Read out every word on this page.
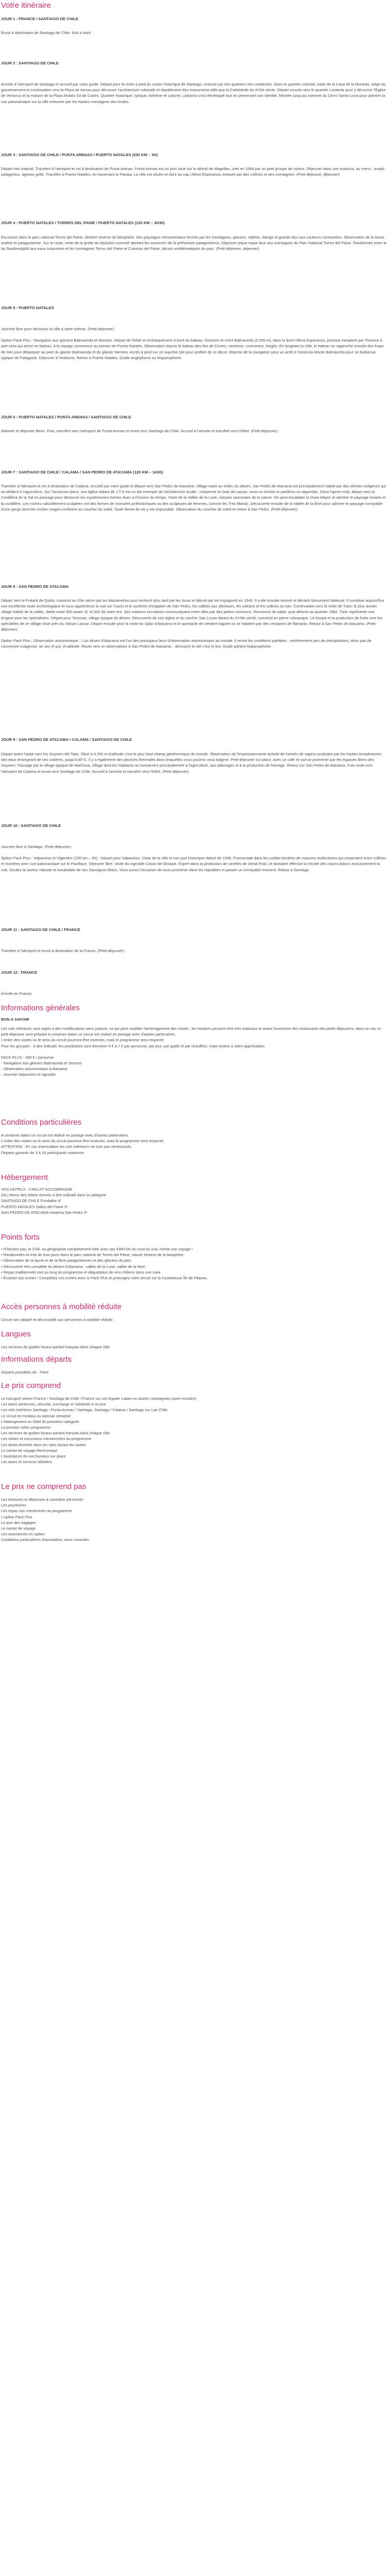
Votre itinéraire

JOUR 1 : FRANCE / SANTIAGO DE CHILE

Envol à destination de Santiago de Chile. Nuit à bord.

JOUR 2 : SANTIAGO DE CHILE

Arrivée à l'aéroport de Santiago et accueil par votre guide. Départ pour la visite à pied du centre historique de Santiago, entouré par des quartiers très modernes. Dans le quartier colonial, visite de la Casa de la Moneda, siège du gouvernement et continuation vers la Plaza de Armas pour découvrir l'architecture coloniale et républicaine des monuments telle que la Cathédrale du XVIIe siècle. Départ ensuite vers le quartier Lastarria pour y découvrir l'Église de Veracruz et la maison de la Plaza Mulato Gil de Castro. Quartier historique, typique, bohème et culturel, Lastarria s'est développé tout en préservant son identité. Montée jusqu'au sommet du Cerro Santa Lucia pour admirer la vue panoramique sur la ville entourée par les hautes montagnes des Andes.

JOUR 3 : SANTIAGO DE CHILE / PUNTA ARENAS / PUERTO NATALES (250 KM – 3H)

Départ très matinal. Transfert à l'aéroport et vol à destination de Punta Arenas. Punta Arenas est un port situé sur le détroit de Magellan, créé en 1848 par un petit groupe de colons. Déjeuner dans une estancia, au menu : asado patagonico, agneau grillé. Transfert à Puerto Natales, en traversant la Pampa. La ville est située en face au cap Ultimo Esperanza, entouré par des collines et des montagnes. (Petit-déjeuner, déjeuner).

JOUR 4 : PUERTO NATALES / TORRES DEL PAINE / PUERTO NATALES (120 KM – 3H30)

Excursion dans le parc national Torres del Paine, déclaré réserve de biosphère. Des paysages monumentaux formés par les montagnes, glaciers, vallées, étangs et grands lacs aux couleurs contrastées. Observation de la faune andine et patagonienne. Sur la route, visite de la grotte du Mylodón curiosité abritant les souvenirs de la préhistoire patagonienne. Déjeuner pique-nique face aux montagnes du Parc National Torres del Paine. Randonnée entre le lac Nordenskjöld aux eaux turquoises et les montagnes Torres del Paine et Cuernos del Paine, décors emblématiques du parc. (Petit-déjeuner, déjeuner).

JOUR 5 : PUERTO NATALES

Journée libre pour découvrir la ville à votre rythme. (Petit-déjeuner).

Option Pack Plus : Navigation aux glaciers Balmaceda et Serrano. Départ de l'hôtel et embarquement à bord du bateau. Direction le mont Balmaceda (2 035 m), dans le fjord Ultima Esperanza, presque inexploré par l'homme à part celui qui arrive en bateau, à la voyage commence au ponton de Puerto Natales. Observation depuis le bateau des îles de Cisnes, canetons, cormorans, longés. En longeant la côte, le bateau se rapproche ensuite des loups de mer pour débarquer au pied du glacier Balmaceda et du glacier Serrano. Accès à pied sur ce superbe site pour profiter de ce décor. Reprise de la navigation pour un arrêt à l'estancia Monte Balmaceda pour un barbecue typique de Patagonie. Déjeuner à l'estancia. Retour à Puerto Natales. Guide anglophone ou hispanophone.

JOUR 6 : PUERTO NATALES / PUNTA ARENAS / SANTIAGO DE CHILE

Matinée et déjeuner libres. Puis, transfert vers l'aéroport de Punta Arenas et envol vers Santiago de Chile. Accueil à l'arrivée et transfert vers l'hôtel. (Petit-déjeuner).

JOUR 7 : SANTIAGO DE CHILE / CALAMA / SAN PEDRO DE ATACAMA (120 KM – 1H30)

Transfert à l'aéroport et vol à destination de Calama. Accueil par votre guide et départ vers San Pedro de Atacama. Village oasis au milieu du désert, San Pedro de Atacama est principalement habité par des ethnies indigènes qui se dédient à l'agriculture. Sur l'ancienne place, son église datant de 1774 est un bel exemple de l'architecture locale : charpente en bois de cactus, murs en torchis et pavillons en algarrobo. Dans l'après-midi, départ vers la Cordillera de la Sal en passage pour découvrir les mystérieuses formes dues à l'érosion du temps. Visite de la Vallée de la Lune, classée sanctuaire de la nature. On peut escalader la Dune Mayor et admirer le paysage lunaire et la cordillère. Les roches naturellement sculptées ont des formes de monstres préhistoriques ou des sculptures de femmes, comme les Tres Marias. Découverte ensuite de la Vallée de la Mort pour admirer le paysage incroyable d'une gorge dont les roches rouges confluent au coucher du soleil. Toute forme de vie y est impossible. Observation du coucher de soleil et retour à San Pedro. (Petit-déjeuner).

JOUR 8 : SAN PEDRO DE ATACAMA

Départ vers le Pukará de Quitor, construit au XIIe siècle par les Atacameños puis renforcé plus tard par les Incas et détruit par les espagnols en 1540. Il a été ensuite rénové et déclaré Monument National. Il constitue aujourd'hui une excellente route archéologique et vous apprécierez la vue sur l'oasis et le système d'irrigation de San Pedro, les vallées aux alentours, les volcans et les collines au loin. Continuation vers la visite de Tulor, le plus ancien village habité de la vallée, datée entre 800 avant JC et 500 de notre ère. Ses maisons circulaires communiquent entre elles par des patios communs. Recouvert de sable, puis déterré au quartier 1982, Tulor représente une énigme pour les spécialistes. Départ pour Toconao, village typique du désert. Découverte de son église et du clocher San Lucas datant du XVIIIe siècle, construit en pierre volcanique. Lé tissant et la production de fruits sont les spécialités de ce village situé près du Volcan Lascar. Départ ensuite pour la visite du Salar d'Atacama et le spectacle de certaine lagune où se habitent par des centaines de flamants. Retour à San Pedro de Atacama. (Petit-déjeuner).

Option Pack Plus : Observation astronomique : L'un désert d'Atacama est l'un des principaux lieux d'observation astronomique au monde. Il réunit les conditions parfaites : extrêmement peu de précipitations, donc pas de couverture nuageuse, air sec et pur, et altitude. Route vers un observatoire à San Pedro de Atacama... découvrir le ciel c'est le but. Guide parlant hispanophone.

JOUR 9 : SAN PEDRO DE ATACAMA / CALAMA / SANTIAGO DE CHILE

Départ avant l'aube vers les Geysers del Tatio. Situé à 4 200 m d'altitude c'est le plus haut champ géothermique du monde. Observation de l'impressionnante activité de fumeés de vapeur produites par les hautes températures des eaux émergeant de ces cratères, jusqu'à 85°C. Il y a également des piscines thermales dans lesquelles vous pourrez vous baigner. Petit-déjeuner sur place. Avec un café en pot se promener par les espaces libres des Geysers. Passage par le village typique de Machuca, village dont les habitants se consacrent principalement à l'agriculture, aux pâturages et à la production de fromage. Retour sur San Pedro de Atacama. Puis route vers l'aéroport de Calama et envol vers Santiago de Chile. Accueil à l'arrivée et transfert vers l'hôtel. (Petit-déjeuner).

JOUR 10 : SANTIAGO DE CHILE

Journée libre à Santiago. (Petit-déjeuner).

Option Pack Plus : Valparaíso et Viganière (230 km – 4h) : Départ pour Valparaíso. Visite de la ville et son port historique datant de 1536. Promenade dans les ruelles bordées de maisons multicolores qui serpentent entre collines et montées avec vue panoramique sur le Pacifique. Déjeuner libre. Visite du vignoble Casas del Bosque. Expert dans la production de variétés de climat froid, ce domaine effectue la récolte des raisins blancs exclusivement la nuit. Goutez la saveur robuste et inoubliable de ses Sauvignon Blanc. Vous aurez l'occasion de vous promener dans les vignobles et passer un incroyable moment. Retour à Santiago.

JOUR 11 : SANTIAGO DE CHILE / FRANCE

Transfert à l'aéroport et envol à destination de la France. (Petit-déjeuner).

JOUR 12 : FRANCE

Arrivée en France.

Informations générales

BON A SAVOIR

Les vols intérieurs sont sujets à des modifications sans préavis, ce qui peut modifier l'aménagement des visites ; les horaires peuvent être très matinaux et avant l'ouverture des restaurants des petits déjeuners, dans ce cas un petit-déjeuner sera préparé A certaines dates ce circuit est réalisé en partage avec d'autres partenaires.

L'ordre des visites ou le sens du circuit pourront être inversés, mais le programme sera respecté.

Pour les groupes : à titre indicatif, les pourboires sont d'environ 4 € à 7 € par personne, par jour, par guide et par chauffeur, mais restent à votre appréciation.

PACK PLUS : 490 € / personne

- Navigation aux glaciers Balmaceda et Serrano

- Observation astronomique à Atacama

- Journée Valparaíso et vignoble

Conditions particulières

A certaines dates ce circuit est réalisé en partage avec d'autres partenaires.

L'ordre des visites ou le sens du circuit pourront être inversés, mais le programme sera respecté.

ATTENTION : En cas d'annulation les vols intérieurs ne sont pas remboursés.

Départs garantis de 3 à 18 participants maximum

Hébergement

VOS HOTELS - CIRCUIT ACCOMPAGNE

(NL) Noms des hôtels donnés à titre indicatif dans la catégorie

SANTIAGO DE CHILE Fundador 4*

PUERTO NATALES Saltos del Paine 3*

SAN PEDRO DE ATACAMA Hostería San Pedro 4*

Points forts

• N'hésitez pas, le Chili, sa géographie complètement folle avec ses 4300 km du nord au sud, mérite son voyage !

• Randonnées et trek de trois jours dans le parc national de Torres del Paine, classé réserve de la biosphère ,

• Observation de la faune et de la flore patagoniennes et des glaciers du parc

• Découverte très complète du désert d'Atacama : vallée de la Lune, vallée de la Mort

• Repas traditionnels tout au long du programme et dégustation de vins chiliens dans une cave

• Évoluez vos envies ! Complétez vos envies avec le Pack Plus et prolongez votre circuit sur la mystérieuse Île de Pâques.

Accès personnes à mobilité réduite

Circuit non adapté et déconseillé aux personnes à mobilité réduite.

Langues

Les services de guides locaux parlant français dans chaque ville

Informations départs

Départs possibles de : Paris

Le prix comprend

Le transport aérien France / Santiago de Chile / France sur vol régulier Latam ou autres compagnies (avec escales)

Les taxes aériennes, sécurité, surcharge et solidarité à ce jour

Les vols intérieurs Santiago / Punta Arenas / Santiago, Santiago / Calama / Santiago sur Lan Chile

Le circuit en minibus ou autocar climatisé

L'hébergement en hôtel de première catégorie

La pension selon programme

Les services de guides locaux parlant français dans chaque ville

Les visites et excursions mentionnées au programme

Les droits d'entrée dans les sites durant les visites

Le carnet de voyage électronique

L'assistance de nos bureaux sur place

Les taxes et services hôteliers

Le prix ne comprend pas

Les boissons et dépenses à caractère personnel

Les pourboires

Les repas non mentionnés au programme

L'option Pack Plus

Le port des bagages

Le carnet de voyage

Les assurances en option

Conditions particulières d'annulation, nous consulter.
